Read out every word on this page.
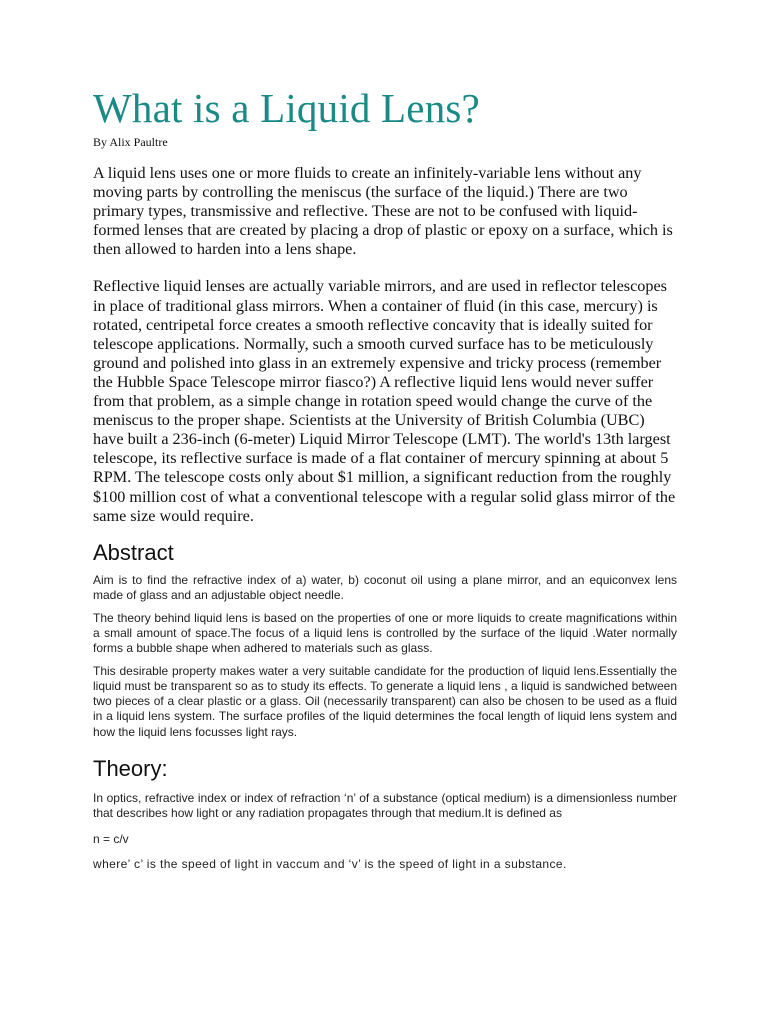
What is a Liquid Lens?

By Alix Paultre

A liquid lens uses one or more fluids to create an infinitely-variable lens without any moving parts by controlling the meniscus (the surface of the liquid.) There are two primary types, transmissive and reflective. These are not to be confused with liquid-formed lenses that are created by placing a drop of plastic or epoxy on a surface, which is then allowed to harden into a lens shape.

Reflective liquid lenses are actually variable mirrors, and are used in reflector telescopes in place of traditional glass mirrors. When a container of fluid (in this case, mercury) is rotated, centripetal force creates a smooth reflective concavity that is ideally suited for telescope applications. Normally, such a smooth curved surface has to be meticulously ground and polished into glass in an extremely expensive and tricky process (remember the Hubble Space Telescope mirror fiasco?) A reflective liquid lens would never suffer from that problem, as a simple change in rotation speed would change the curve of the meniscus to the proper shape. Scientists at the University of British Columbia (UBC) have built a 236-inch (6-meter) Liquid Mirror Telescope (LMT). The world's 13th largest telescope, its reflective surface is made of a flat container of mercury spinning at about 5 RPM. The telescope costs only about $1 million, a significant reduction from the roughly $100 million cost of what a conventional telescope with a regular solid glass mirror of the same size would require.

Abstract

Aim is to find the refractive index of a) water, b) coconut oil using a plane mirror, and an equiconvex lens made of glass and an adjustable object needle.

The theory behind liquid lens is based on the properties of one or more liquids to create magnifications within a small amount of space.The focus of a liquid lens is controlled by the surface of the liquid .Water normally forms a bubble shape when adhered to materials such as glass.

This desirable property makes water a very suitable candidate for the production of liquid lens.Essentially the liquid must be transparent so as to study its effects. To generate a liquid lens , a liquid is sandwiched between two pieces of a clear plastic or a glass. Oil (necessarily transparent) can also be chosen to be used as a fluid in a liquid lens system. The surface profiles of the liquid determines the focal length of liquid lens system and how the liquid lens focusses light rays.

Theory:

In optics, refractive index or index of refraction ‘n’ of a substance (optical medium) is a dimensionless number that describes how light or any radiation propagates through that medium.It is defined as

n = c/v

where’ c’ is the speed of light in vaccum and ‘v’ is the speed of light in a substance.
